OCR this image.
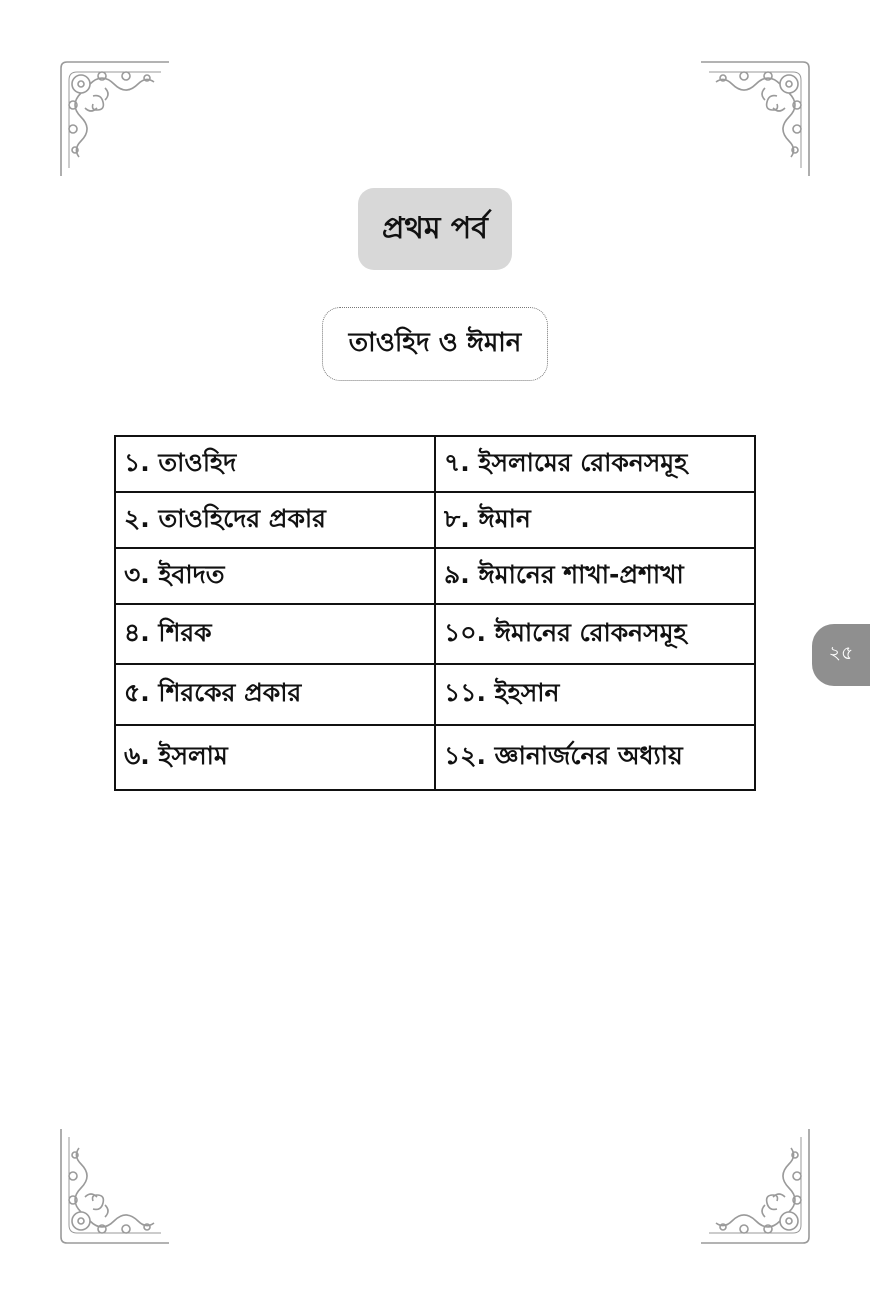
প্রথম পর্ব
তাওহিদ ও ঈমান
১. তাওহিদ	৭. ইসলামের রোকনসমূহ
২. তাওহিদের প্রকার	৮. ঈমান
৩. ইবাদত	৯. ঈমানের শাখা-প্রশাখা
৪. শিরক	১০. ঈমানের রোকনসমূহ
৫. শিরকের প্রকার	১১. ইহসান
৬. ইসলাম	১২. জ্ঞানার্জনের অধ্যায়
২৫
